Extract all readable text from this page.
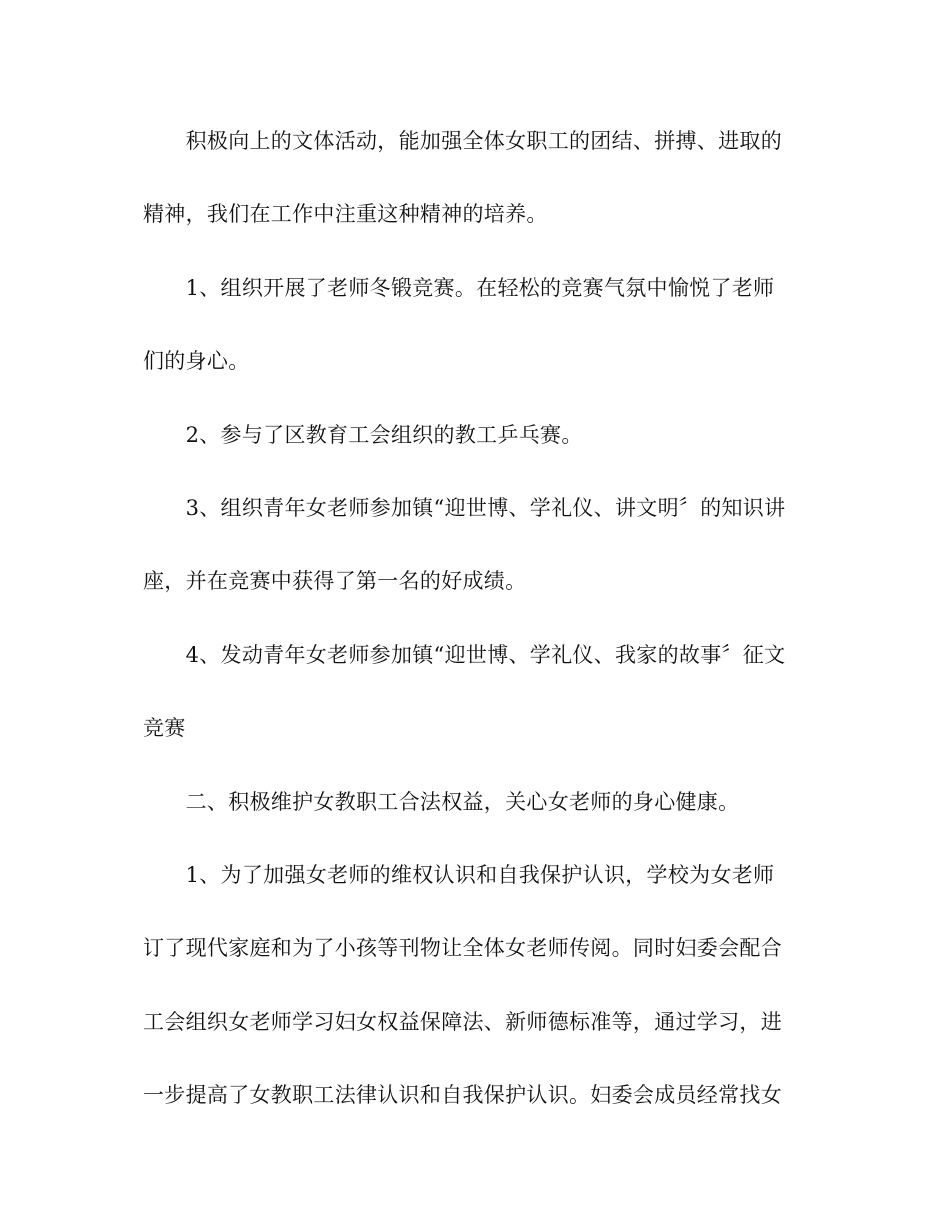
　　积极向上的文体活动，能加强全体女职工的团结、拼搏、进取的
精神，我们在工作中注重这种精神的培养。
　　1、组织开展了老师冬锻竞赛。在轻松的竞赛气氛中愉悦了老师
们的身心。
　　2、参与了区教育工会组织的教工乒乓赛。
　　3、组织青年女老师参加镇“迎世博、学礼仪、讲文明〞的知识讲
座，并在竞赛中获得了第一名的好成绩。
　　4、发动青年女老师参加镇“迎世博、学礼仪、我家的故事〞征文
竞赛
　　二、积极维护女教职工合法权益，关心女老师的身心健康。
　　1、为了加强女老师的维权认识和自我保护认识，学校为女老师
订了现代家庭和为了小孩等刊物让全体女老师传阅。同时妇委会配合
工会组织女老师学习妇女权益保障法、新师德标准等，通过学习，进
一步提高了女教职工法律认识和自我保护认识。妇委会成员经常找女
